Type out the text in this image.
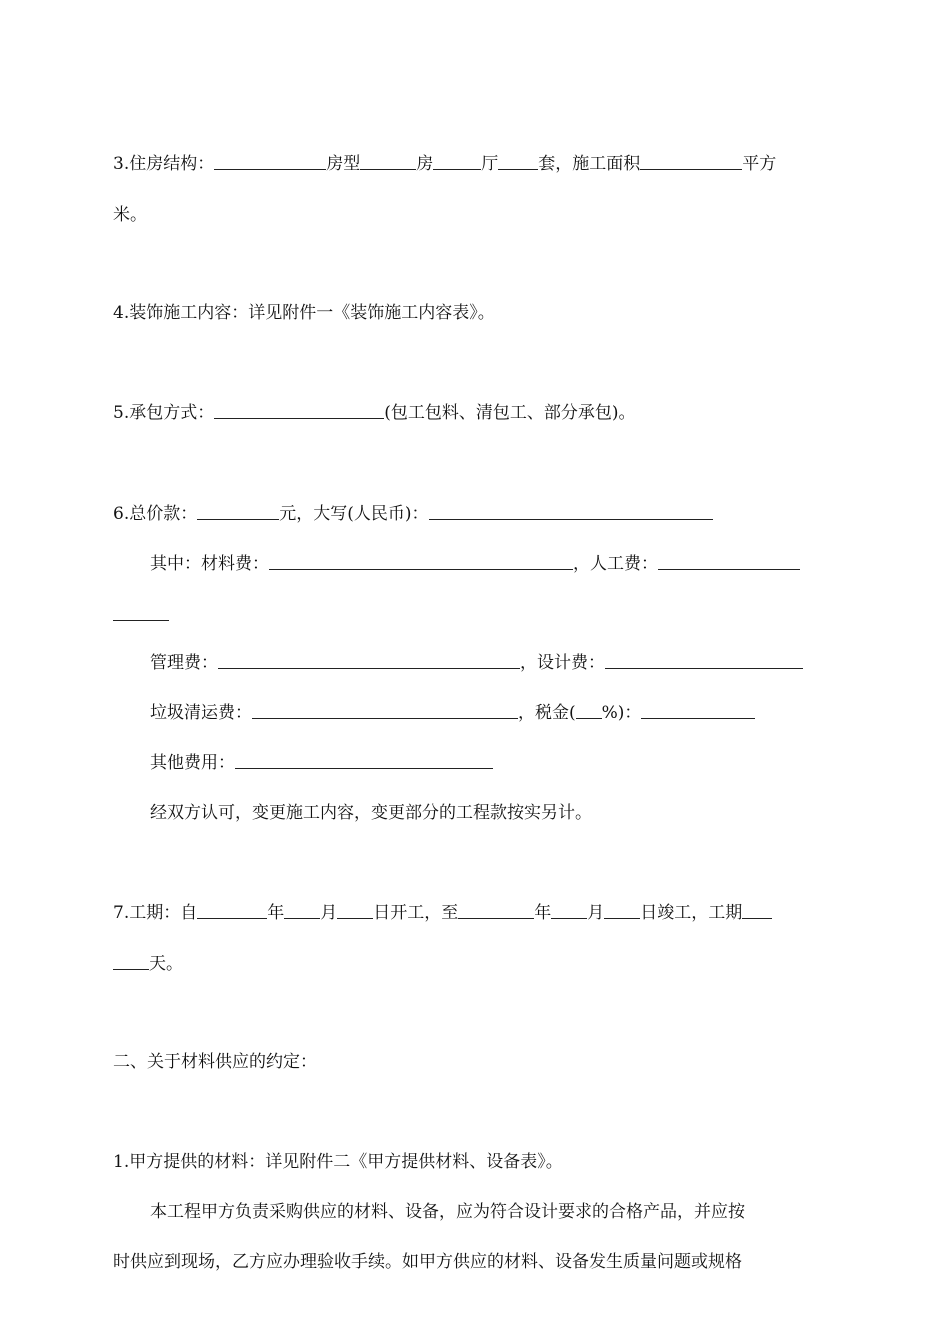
3.住房结构：	房型	房	厅 套，施工面积	平方
米。
4.装饰施工内容：详见附件一《装饰施工内容表》。
5.承包方式：	(包工包料、清包工、部分承包)。
6.总价款：	元，大写(人民币)：
其中：材料费：	，人工费：
管理费：	，设计费：
垃圾清运费：	，税金( %)：
其他费用：
经双方认可，变更施工内容，变更部分的工程款按实另计。
7.工期：自	年 月 日开工，至	年 月 日竣工，工期
天。
二、关于材料供应的约定：
1.甲方提供的材料：详见附件二《甲方提供材料、设备表》。
本工程甲方负责采购供应的材料、设备，应为符合设计要求的合格产品，并应按
时供应到现场，乙方应办理验收手续。如甲方供应的材料、设备发生质量问题或规格
